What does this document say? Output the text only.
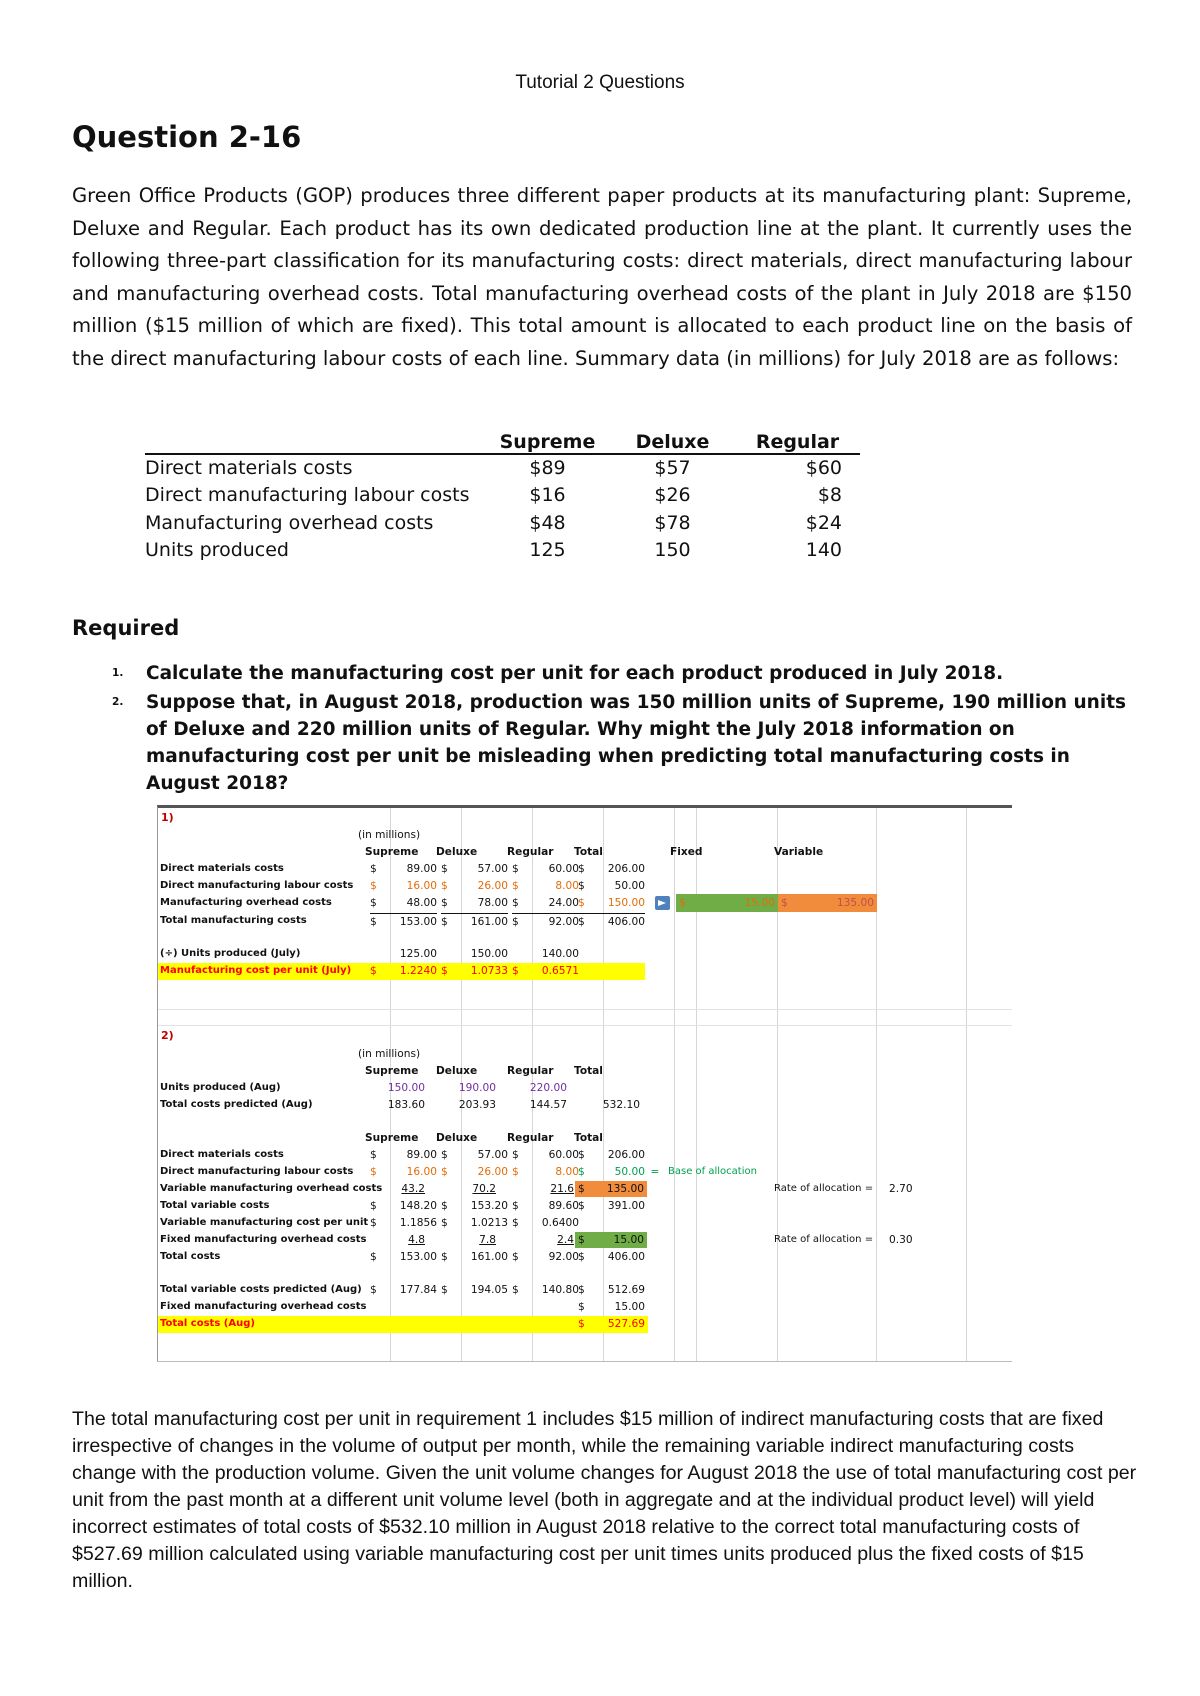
Tutorial 2 Questions
Question 2-16

Green Office Products (GOP) produces three different paper products at its manufacturing plant: Supreme, Deluxe and Regular. Each product has its own dedicated production line at the plant. It currently uses the following three-part classification for its manufacturing costs: direct materials, direct manufacturing labour and manufacturing overhead costs. Total manufacturing overhead costs of the plant in July 2018 are $150 million ($15 million of which are fixed). This total amount is allocated to each product line on the basis of the direct manufacturing labour costs of each line. Summary data (in millions) for July 2018 are as follows:

	Supreme	Deluxe	Regular
Direct materials costs	$89	$57	$60
Direct manufacturing labour costs	$16	$26	$8
Manufacturing overhead costs	$48	$78	$24
Units produced	125	150	140
Required
1. Calculate the manufacturing cost per unit for each product produced in July 2018.
2. Suppose that, in August 2018, production was 150 million units of Supreme, 190 million units of Deluxe and 220 million units of Regular. Why might the July 2018 information on manufacturing cost per unit be misleading when predicting total manufacturing costs in August 2018?
1)
(in millions)
Supreme	Deluxe	Regular	Total	Fixed	Variable
Direct materials costs	$	89.00 $	57.00 $	60.00 $ 206.00
Direct manufacturing labour costs	$	16.00 $	26.00 $	8.00 $	50.00
Manufacturing overhead costs	$	48.00 $	78.00 $	24.00 $ 150.00	$	15.00 $	135.00
Total manufacturing costs	$ 153.00 $ 161.00 $	92.00 $ 406.00
(÷) Units produced (July)	125.00	150.00	140.00
Manufacturing cost per unit (July)	$ 1.2240 $ 1.0733 $ 0.6571
2)
(in millions)
Supreme	Deluxe	Regular	Total
Units produced (Aug)	150.00	190.00	220.00
Total costs predicted (Aug)	183.60	203.93	144.57	532.10
Supreme	Deluxe	Regular	Total
Direct materials costs	$	89.00 $	57.00 $	60.00 $ 206.00
Direct manufacturing labour costs	$	16.00 $	26.00 $	8.00 $	50.00 = Base of allocation
Variable manufacturing overhead costs	43.2	70.2	21.6 $ 135.00	Rate of allocation =	2.70
Total variable costs	$ 148.20 $ 153.20 $	89.60 $ 391.00
Variable manufacturing cost per unit $ 1.1856 $ 1.0213 $ 0.6400
Fixed manufacturing overhead costs	4.8	7.8	2.4 $	15.00	Rate of allocation =	0.30
Total costs	$ 153.00 $ 161.00 $	92.00 $ 406.00
Total variable costs predicted (Aug) $ 177.84 $ 194.05 $ 140.80 $ 512.69
Fixed manufacturing overhead costs	$	15.00
Total costs (Aug)	$ 527.69

The total manufacturing cost per unit in requirement 1 includes $15 million of indirect manufacturing costs that are fixed irrespective of changes in the volume of output per month, while the remaining variable indirect manufacturing costs change with the production volume. Given the unit volume changes for August 2018 the use of total manufacturing cost per unit from the past month at a different unit volume level (both in aggregate and at the individual product level) will yield incorrect estimates of total costs of $532.10 million in August 2018 relative to the correct total manufacturing costs of $527.69 million calculated using variable manufacturing cost per unit times units produced plus the fixed costs of $15 million.
